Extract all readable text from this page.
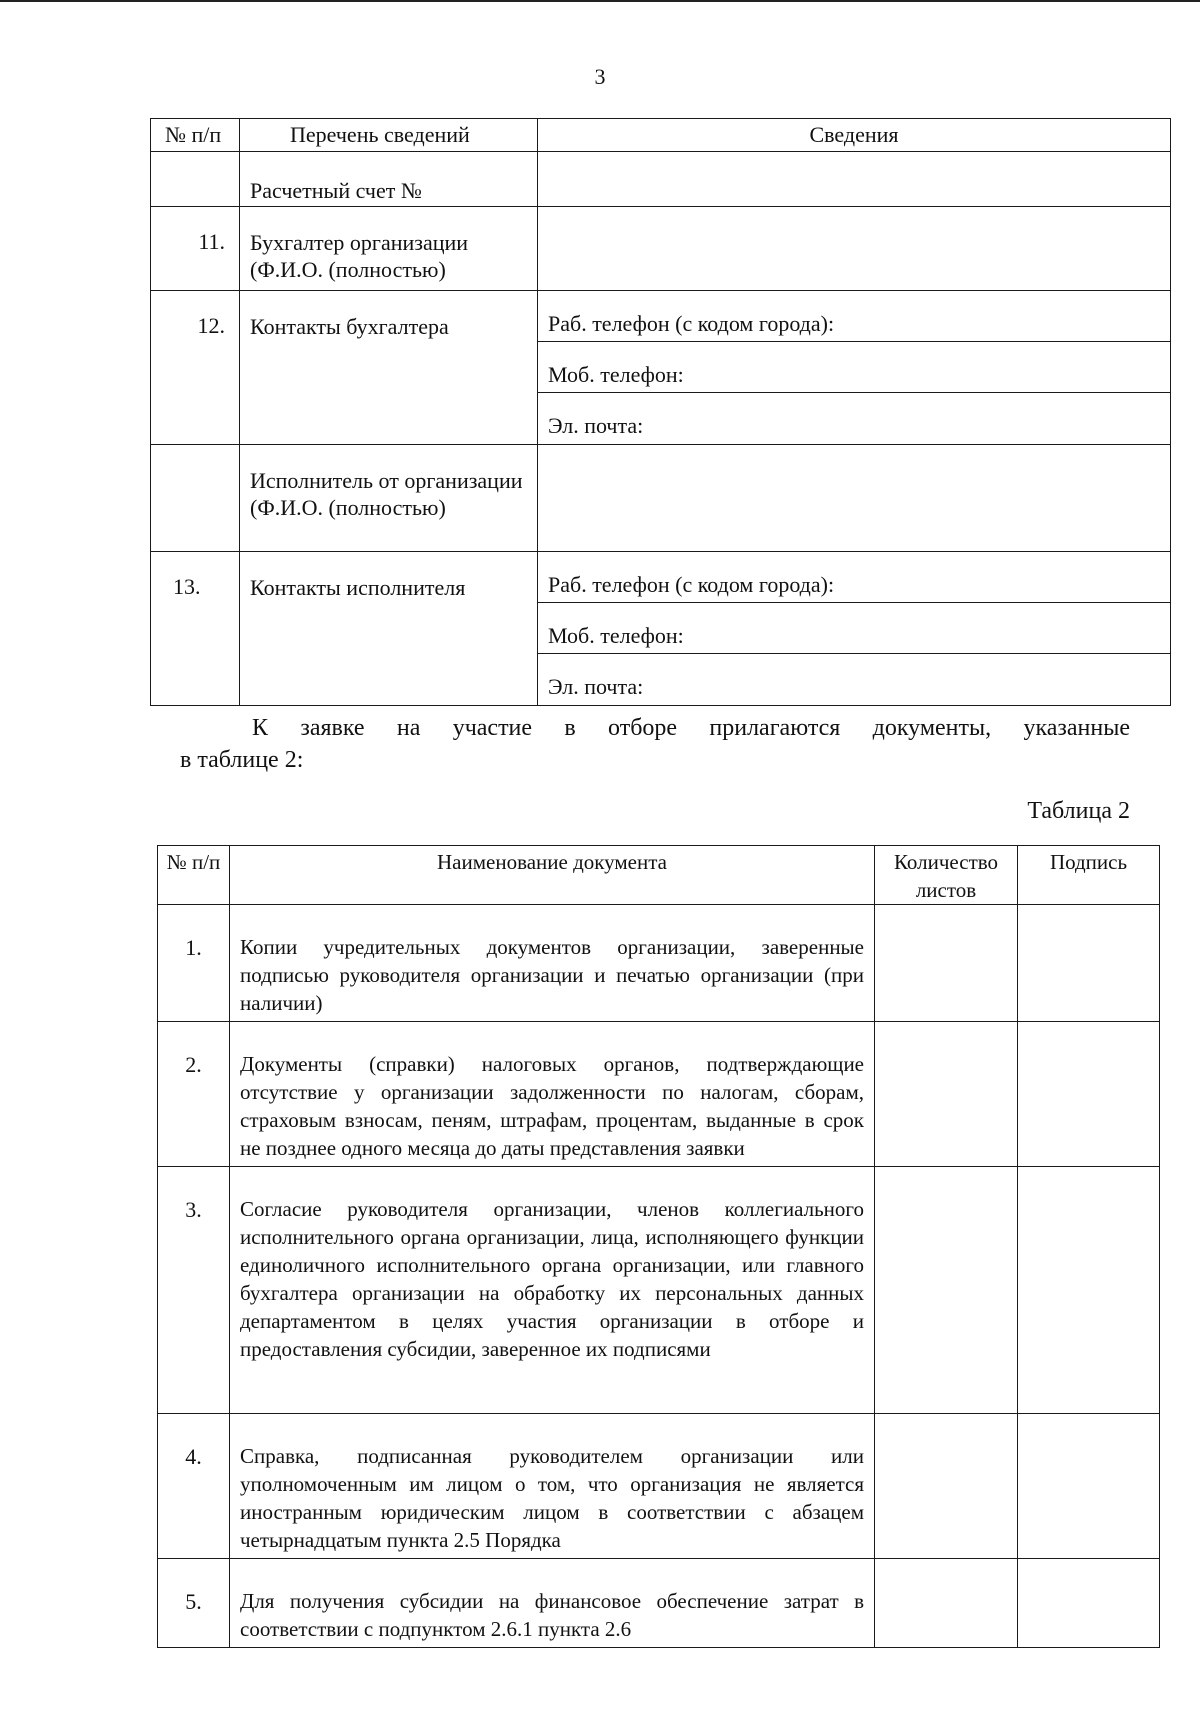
3
№ п/п	Перечень сведений	Сведения
	Расчетный счет №	
11.	Бухгалтер организации (Ф.И.О. (полностью)	
12.	Контакты бухгалтера	Раб. телефон (с кодом города):
Моб. телефон:
Эл. почта:

	Исполнитель от организации (Ф.И.О. (полностью)	
13.	Контакты исполнителя	Раб. телефон (с кодом города):
Моб. телефон:
Эл. почта:
К заявке на участие в отборе прилагаются документы, указанные
в таблице 2:
Таблица 2
№ п/п	Наименование документа	Количество листов	Подпись
1.	Копии учредительных документов организации, заверенные подписью руководителя организации и печатью организации (при наличии)		
2.	Документы (справки) налоговых органов, подтверждающие отсутствие у организации задолженности по налогам, сборам, страховым взносам, пеням, штрафам, процентам, выданные в срок не позднее одного месяца до даты представления заявки		
3.	Согласие руководителя организации, членов коллегиального исполнительного органа организации, лица, исполняющего функции единоличного исполнительного органа организации, или главного бухгалтера организации на обработку их персональных данных департаментом в целях участия организации в отборе и предоставления субсидии, заверенное их подписями		
4.	Справка, подписанная руководителем организации или уполномоченным им лицом о том, что организация не является иностранным юридическим лицом в соответствии с абзацем четырнадцатым пункта 2.5 Порядка		
5.	Для получения субсидии на финансовое обеспечение затрат в соответствии с подпунктом 2.6.1 пункта 2.6		
